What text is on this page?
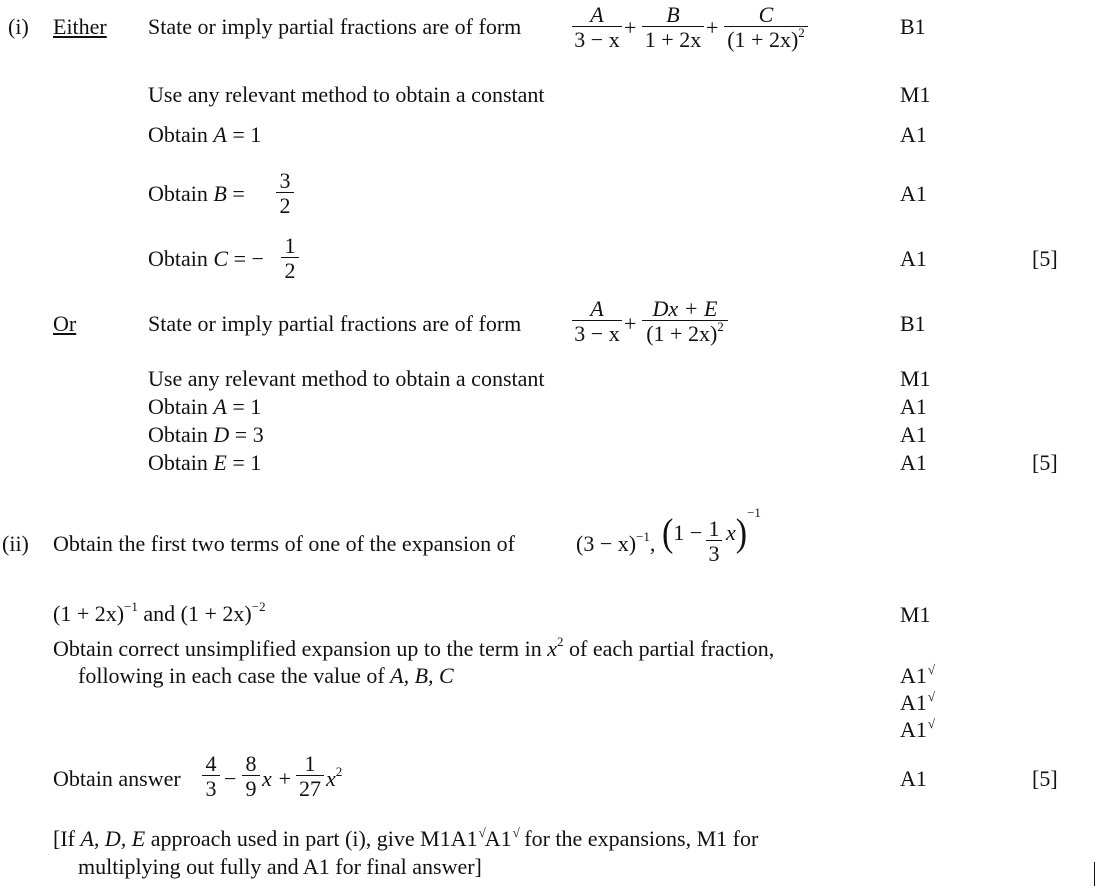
(i) Either State or imply partial fractions are of form $\frac{A}{3 - x} + \frac{B}{1 + 2x} + \frac{C}{(1 + 2x)^2}$	B1
Use any relevant method to obtain a constant	M1
Obtain A = 1	A1
Obtain $B = \frac{3}{2}$	A1
Obtain C = − $\frac{1}{2}$	A1	[5]
Or	State or imply partial fractions are of form $\frac{A}{3 - x} + \frac{Dx + E}{(1 + 2x)^2}$	B1
Use any relevant method to obtain a constant	M1
Obtain A = 1	A1
Obtain D = 3	A1
Obtain E = 1	A1	[5]
(ii) Obtain the first two terms of one of the expansion of	$(3 - x)^{-1}$, $(1 - \frac{1}{3} x)^{-1}$
$(1 + 2x)^{-1}$ and $(1 + 2x)^{-2}$	M1
Obtain correct unsimplified expansion up to the term in $x^2$ of each partial fraction,
following in each case the value of A, B, C	A1√
A1√
A1√
Obtain answer $\frac{4}{3} - \frac{8}{9}$ $x + \frac{1}{27} x^2$	A1	[5]
[If A, D, E approach used in part (i), give M1A1√A1√ for the expansions, M1 for
multiplying out fully and A1 for final answer]
